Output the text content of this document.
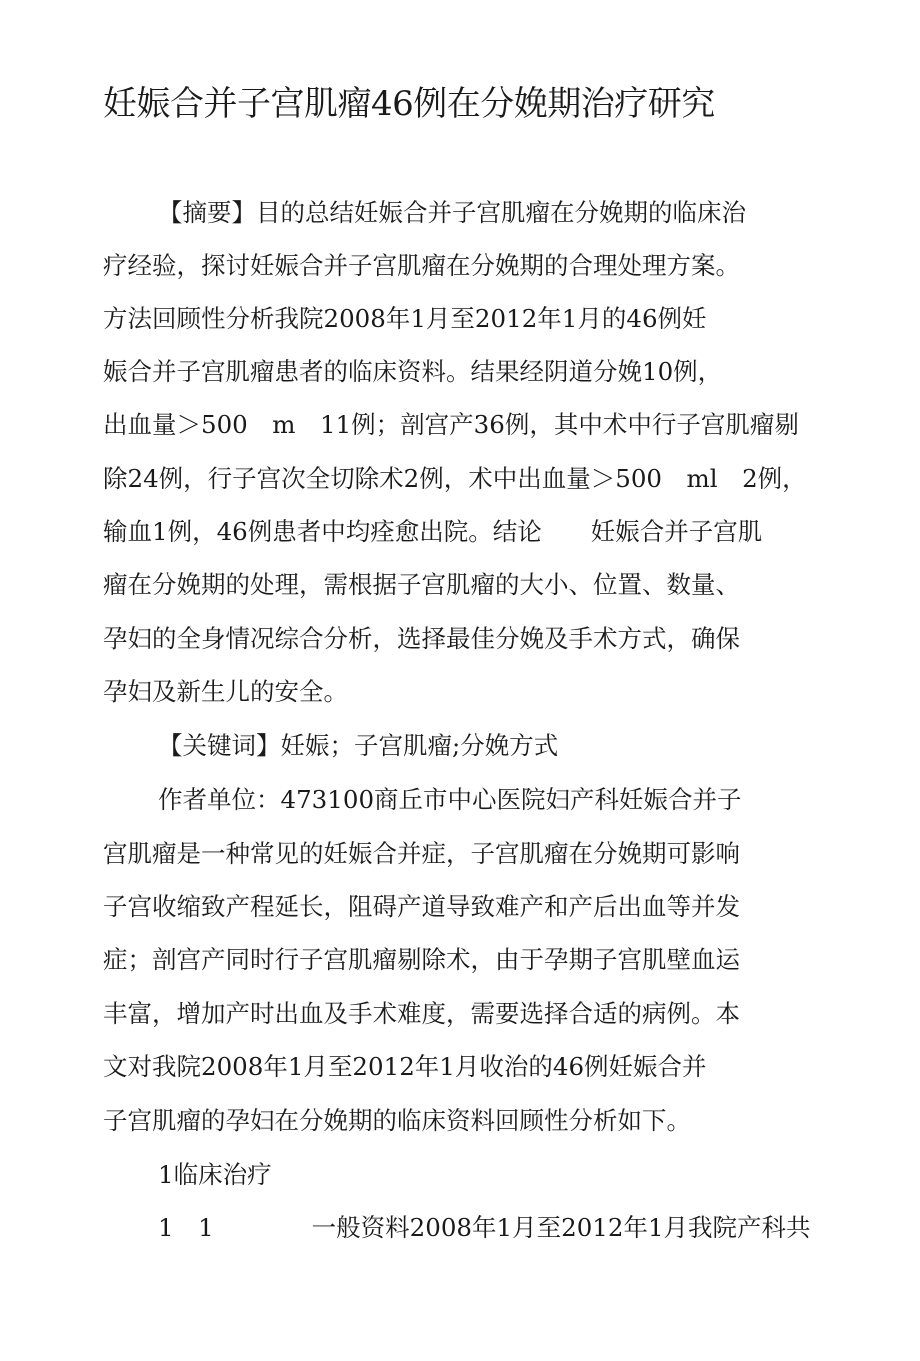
妊娠合并子宫肌瘤46例在分娩期治疗研究
【摘要】目的总结妊娠合并子宫肌瘤在分娩期的临床治
疗经验，探讨妊娠合并子宫肌瘤在分娩期的合理处理方案。
方法回顾性分析我院2008年1月至2012年1月的46例妊
娠合并子宫肌瘤患者的临床资料。结果经阴道分娩10例，
出血量＞500　m　11例；剖宫产36例，其中术中行子宫肌瘤剔
除24例，行子宫次全切除术2例，术中出血量＞500　ml　2例，
输血1例，46例患者中均痊愈出院。结论　　妊娠合并子宫肌
瘤在分娩期的处理，需根据子宫肌瘤的大小、位置、数量、
孕妇的全身情况综合分析，选择最佳分娩及手术方式，确保
孕妇及新生儿的安全。
【关键词】妊娠；子宫肌瘤;分娩方式
作者单位：473100商丘市中心医院妇产科妊娠合并子
宫肌瘤是一种常见的妊娠合并症，子宫肌瘤在分娩期可影响
子宫收缩致产程延长，阻碍产道导致难产和产后出血等并发
症；剖宫产同时行子宫肌瘤剔除术，由于孕期子宫肌壁血运
丰富，增加产时出血及手术难度，需要选择合适的病例。本
文对我院2008年1月至2012年1月收治的46例妊娠合并
子宫肌瘤的孕妇在分娩期的临床资料回顾性分析如下。
1临床治疗
1　1　　　　一般资料2008年1月至2012年1月我院产科共
